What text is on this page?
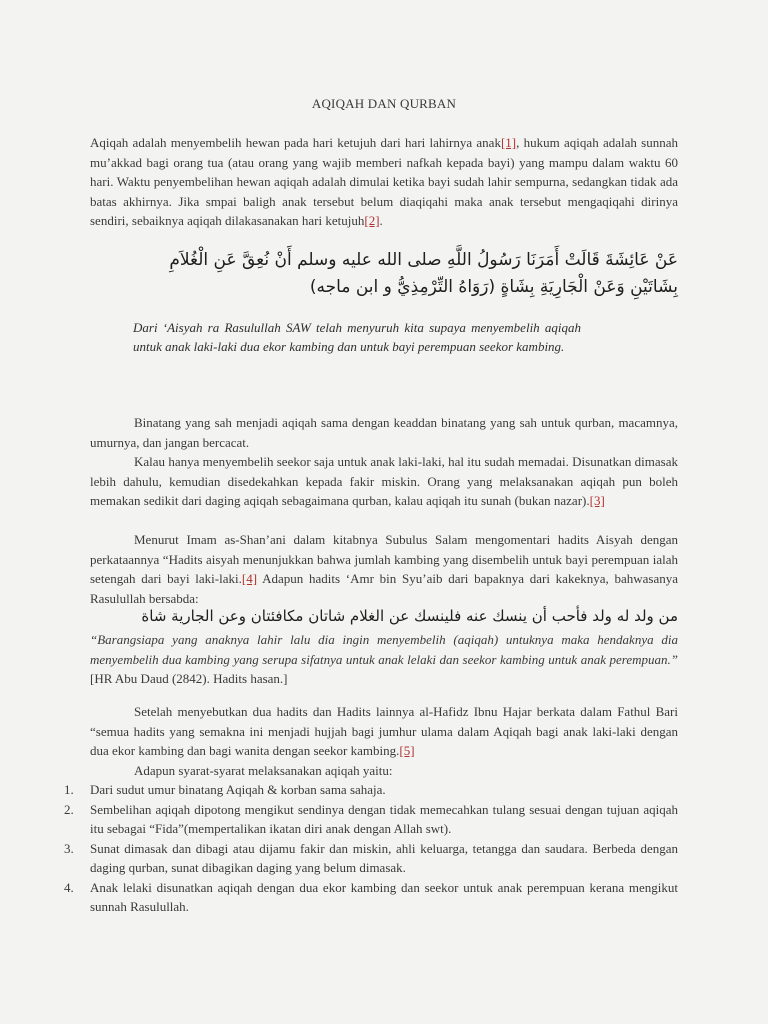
AQIQAH DAN QURBAN
Aqiqah adalah menyembelih hewan pada hari ketujuh dari hari lahirnya anak[1], hukum aqiqah adalah sunnah mu’akkad bagi orang tua (atau orang yang wajib memberi nafkah kepada bayi) yang mampu dalam waktu 60 hari. Waktu penyembelihan hewan aqiqah adalah dimulai ketika bayi sudah lahir sempurna, sedangkan tidak ada batas akhirnya. Jika smpai baligh anak tersebut belum diaqiqahi maka anak tersebut mengaqiqahi dirinya sendiri, sebaiknya aqiqah dilakasanakan hari ketujuh[2].
عَنْ عَائِشَةَ قَالَتْ أَمَرَنَا رَسُولُ اللَّهِ صلى الله عليه وسلم أَنْ نُعِقَّ عَنِ الْغُلاَمِ
بِشَاتَيْنِ وَعَنْ الْجَارِيَةِ بِشَاةٍ (رَوَاهُ التِّرْمِذِيُّ و ابن ماجه)
Dari ‘Aisyah ra Rasulullah SAW telah menyuruh kita supaya menyembelih aqiqah untuk anak laki-laki dua ekor kambing dan untuk bayi perempuan seekor kambing.
Binatang yang sah menjadi aqiqah sama dengan keaddan binatang yang sah untuk qurban, macamnya, umurnya, dan jangan bercacat.
Kalau hanya menyembelih seekor saja untuk anak laki-laki, hal itu sudah memadai. Disunatkan dimasak lebih dahulu, kemudian disedekahkan kepada fakir miskin. Orang yang melaksanakan aqiqah pun boleh memakan sedikit dari daging aqiqah sebagaimana qurban, kalau aqiqah itu sunah (bukan nazar).[3]
Menurut Imam as-Shan’ani dalam kitabnya Subulus Salam mengomentari hadits Aisyah dengan perkataannya “Hadits aisyah menunjukkan bahwa jumlah kambing yang disembelih untuk bayi perempuan ialah setengah dari bayi laki-laki.[4] Adapun hadits ‘Amr bin Syu’aib dari bapaknya dari kakeknya, bahwasanya Rasulullah bersabda:
من ولد له ولد فأحب أن ينسك عنه فلينسك عن الغلام شاتان مكافئتان وعن الجارية شاة
“Barangsiapa yang anaknya lahir lalu dia ingin menyembelih (aqiqah) untuknya maka hendaknya dia menyembelih dua kambing yang serupa sifatnya untuk anak lelaki dan seekor kambing untuk anak perempuan.” [HR Abu Daud (2842). Hadits hasan.]
Setelah menyebutkan dua hadits dan Hadits lainnya al-Hafidz Ibnu Hajar berkata dalam Fathul Bari “semua hadits yang semakna ini menjadi hujjah bagi jumhur ulama dalam Aqiqah bagi anak laki-laki dengan dua ekor kambing dan bagi wanita dengan seekor kambing.[5]
Adapun syarat-syarat melaksanakan aqiqah yaitu:
1. Dari sudut umur binatang Aqiqah & korban sama sahaja.
2. Sembelihan aqiqah dipotong mengikut sendinya dengan tidak memecahkan tulang sesuai dengan tujuan aqiqah itu sebagai “Fida”(mempertalikan ikatan diri anak dengan Allah swt).
3. Sunat dimasak dan dibagi atau dijamu fakir dan miskin, ahli keluarga, tetangga dan saudara. Berbeda dengan daging qurban, sunat dibagikan daging yang belum dimasak.
4. Anak lelaki disunatkan aqiqah dengan dua ekor kambing dan seekor untuk anak perempuan kerana mengikut sunnah Rasulullah.
